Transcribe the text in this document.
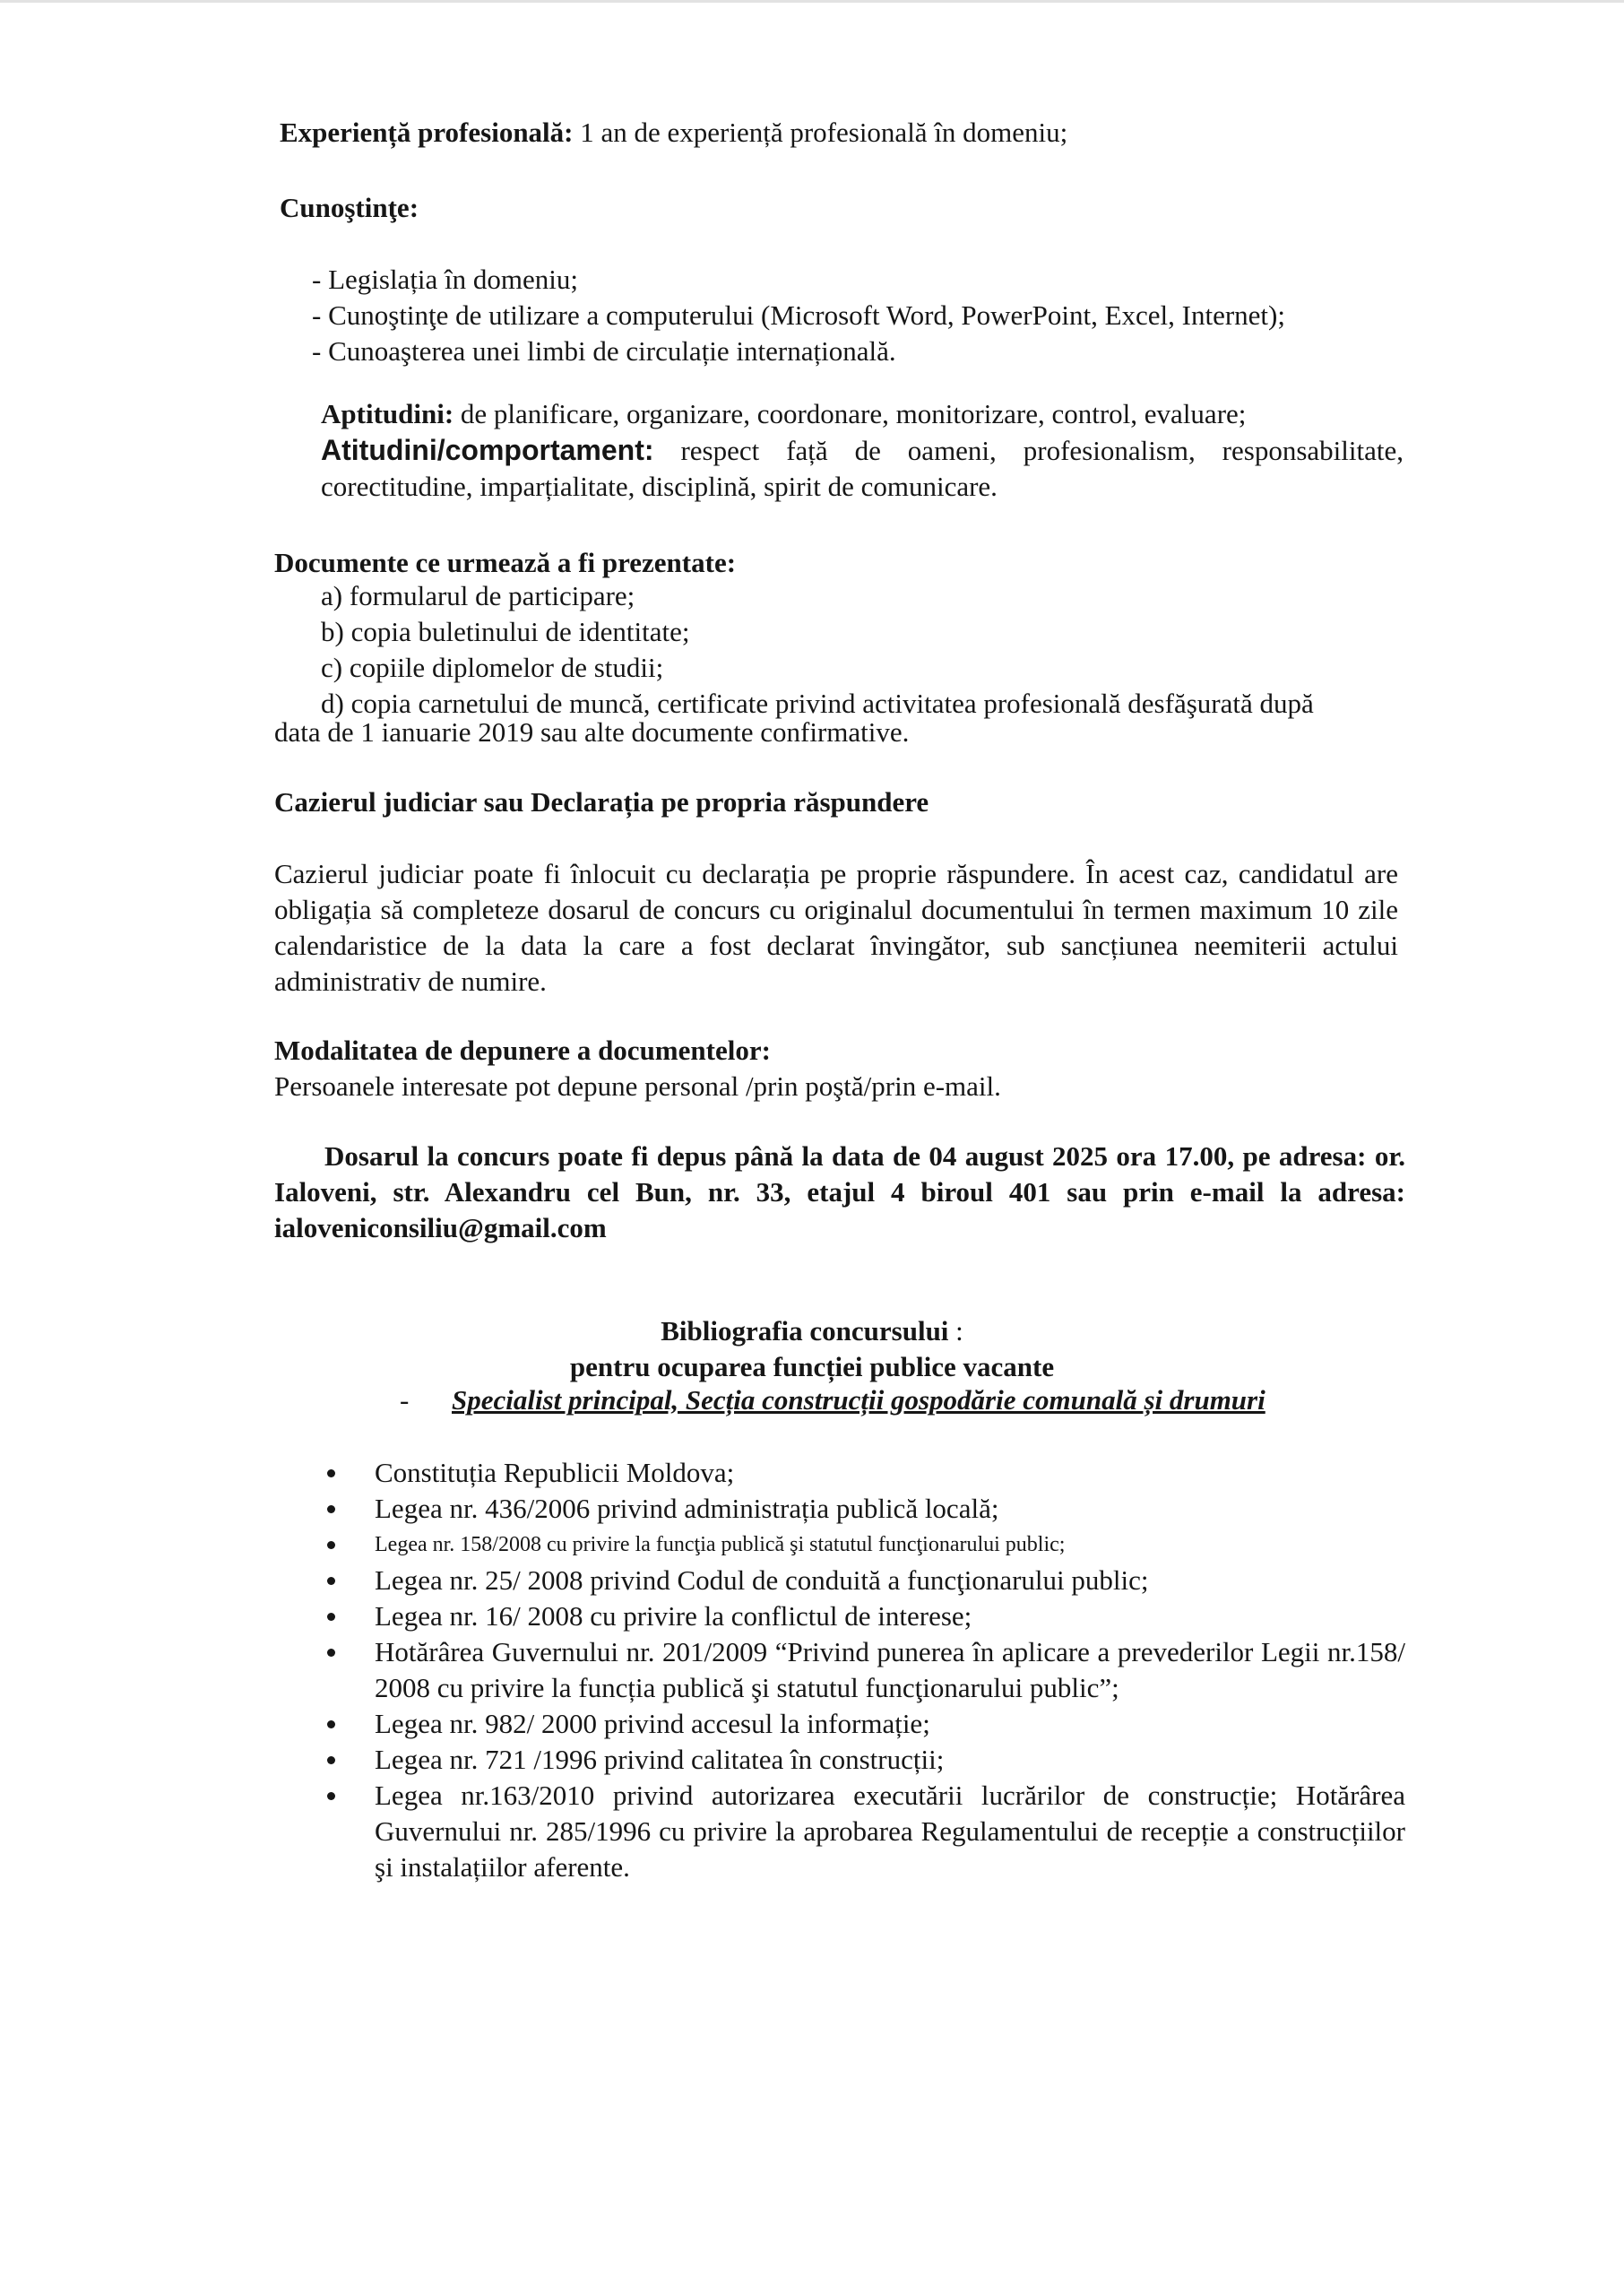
Experiență profesională: 1 an de experiență profesională în domeniu;
Cunoştinţe:
- Legislația în domeniu;
- Cunoştinţe de utilizare a computerului (Microsoft Word, PowerPoint, Excel, Internet);
- Cunoaşterea unei limbi de circulație internațională.
Aptitudini: de planificare, organizare, coordonare, monitorizare, control, evaluare;
Atitudini/comportament: respect față de oameni, profesionalism, responsabilitate, corectitudine, imparțialitate, disciplină, spirit de comunicare.
Documente ce urmează a fi prezentate:
a) formularul de participare;
b) copia buletinului de identitate;
c) copiile diplomelor de studii;
d) copia carnetului de muncă, certificate privind activitatea profesională desfăşurată după
data de 1 ianuarie 2019 sau alte documente confirmative.
Cazierul judiciar sau Declarația pe propria răspundere
Cazierul judiciar poate fi înlocuit cu declarația pe proprie răspundere. În acest caz, candidatul are obligația să completeze dosarul de concurs cu originalul documentului în termen maximum 10 zile calendaristice de la data la care a fost declarat învingător, sub sancțiunea neemiterii actului administrativ de numire.
Modalitatea de depunere a documentelor:
Persoanele interesate pot depune personal /prin poştă/prin e-mail.
Dosarul la concurs poate fi depus până la data de 04 august 2025 ora 17.00, pe adresa: or. Ialoveni, str. Alexandru cel Bun, nr. 33, etajul 4 biroul 401 sau prin e-mail la adresa: ialoveniconsiliu@gmail.com
Bibliografia concursului :
pentru ocuparea funcției publice vacante
- Specialist principal, Secția construcții gospodărie comunală și drumuri
Constituția Republicii Moldova;
Legea nr. 436/2006 privind administrația publică locală;
Legea nr. 158/2008 cu privire la funcţia publică şi statutul funcţionarului public;
Legea nr. 25/ 2008 privind Codul de conduită a funcţionarului public;
Legea nr. 16/ 2008 cu privire la conflictul de interese;
Hotărârea Guvernului nr. 201/2009 “Privind punerea în aplicare a prevederilor Legii nr.158/ 2008 cu privire la funcția publică şi statutul funcţionarului public”;
Legea nr. 982/ 2000 privind accesul la informație;
Legea nr. 721 /1996 privind calitatea în construcții;
Legea nr.163/2010 privind autorizarea executării lucrărilor de construcție; Hotărârea Guvernului nr. 285/1996 cu privire la aprobarea Regulamentului de recepție a construcțiilor şi instalațiilor aferente.
